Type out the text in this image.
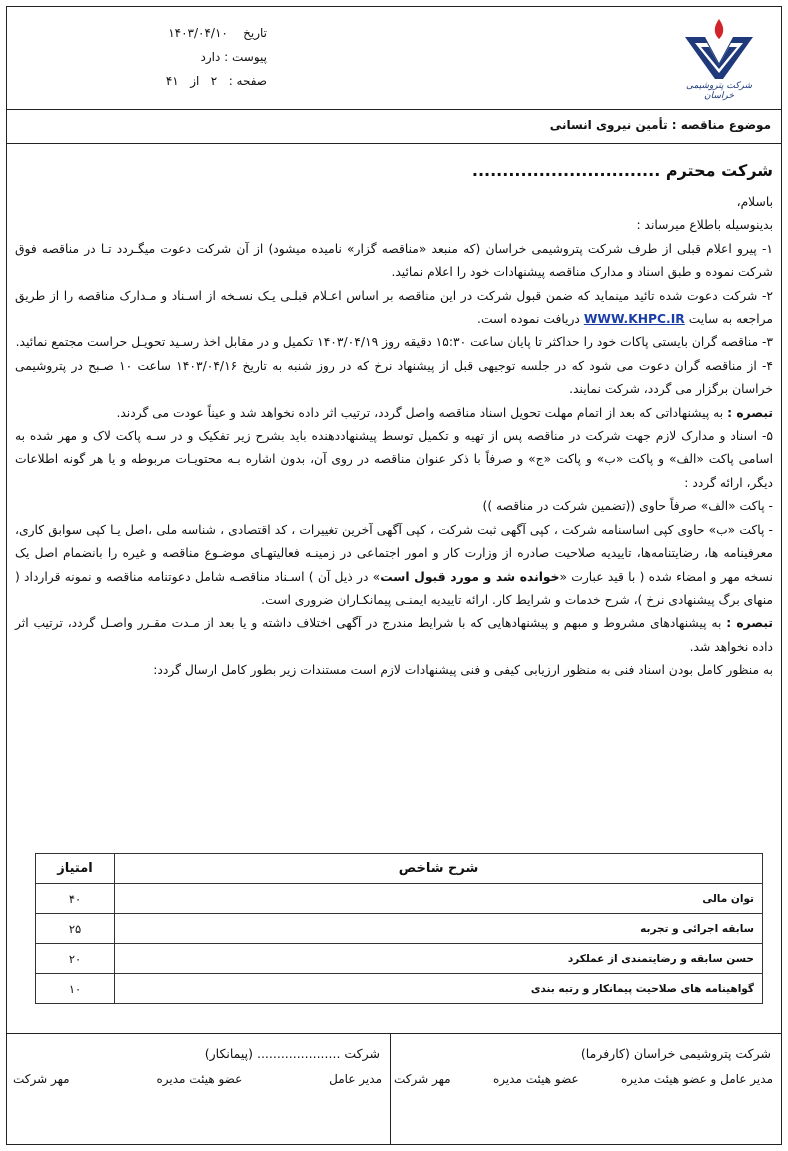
شرکت پتروشیمی خراسان
تاریخ    ۱۴۰۳/۰۴/۱۰
پیوست : دارد
صفحه :   ۲   از   ۴۱
موضوع مناقصه : تأمین نیروی انسانی

شرکت محترم ...............................

باسلام،

بدینوسیله باطلاع میرساند :

۱- پیرو اعلام قبلی از طرف شرکت پتروشیمی خراسان (که منبعد «مناقصه گزار» نامیده میشود) از آن شرکت دعوت میگـردد تـا در مناقصه فوق شرکت نموده و طبق اسناد و مدارک مناقصه پیشنهادات خود را اعلام نمائید.

۲- شرکت دعوت شده تائید مینماید که ضمن قبول شرکت در این مناقصه بر اساس اعـلام قبلـی یـک نسـخه از اسـناد و مـدارک مناقصه را از طریق مراجعه به سایت WWW.KHPC.IR دریافت نموده است.

۳- مناقصه گران بایستی پاکات خود را حداکثر تا پایان ساعت ۱۵:۳۰ دقیقه روز ۱۴۰۳/۰۴/۱۹ تکمیل و در مقابل اخذ رسـید تحویـل حراست مجتمع نمائید.

۴- از مناقصه گران دعوت می شود که در جلسه توجیهی قبل از پیشنهاد نرخ که در روز شنبه به تاریخ ۱۴۰۳/۰۴/۱۶ ساعت ۱۰ صـبح در پتروشیمی خراسان برگزار می گردد، شرکت نمایند.

تبصره : به پیشنهاداتی که بعد از اتمام مهلت تحویل اسناد مناقصه واصل گردد، ترتیب اثر داده نخواهد شد و عیناً عودت می گردند.

۵- اسناد و مدارک لازم جهت شرکت در مناقصه پس از تهیه و تکمیل توسط پیشنهاددهنده باید بشرح زیر تفکیک و در سـه پاکت لاک و مهر شده به اسامی پاکت «الف» و پاکت «ب» و پاکت «ج» و صرفاً با ذکر عنوان مناقصه در روی آن، بدون اشاره بـه محتویـات مربوطه و یا هر گونه اطلاعات دیگر، ارائه گردد :

- پاکت «الف» صرفاً حاوی ((تضمین شرکت در مناقصه ))

- پاکت «ب» حاوی کپی اساسنامه شرکت ، کپی آگهی ثبت شرکت ، کپی آگهی آخرین تغییرات ، کد اقتصادی ، شناسه ملی ،اصل یـا کپی سوابق کاری، معرفینامه ها، رضایتنامه‌ها، تاییدیه صلاحیت صادره از وزارت کار و امور اجتماعی در زمینـه فعالیتهـای موضـوع مناقصه و غیره را بانضمام اصل یک نسخه مهر و امضاء شده ( با قید عبارت «خوانده شد و مورد قبول است» در ذیل آن ) اسـناد مناقصـه شامل دعوتنامه مناقصه و نمونه قرارداد ( منهای برگ پیشنهادی نرخ )، شرح خدمات و شرایط کار. ارائه تاییدیه ایمنـی پیمانکـاران ضروری است.

تبصره : به پیشنهادهای مشروط و مبهم و پیشنهادهایی که با شرایط مندرج در آگهی اختلاف داشته و یا بعد از مـدت مقـرر واصـل گردد، ترتیب اثر داده نخواهد شد.

به منظور کامل بودن اسناد فنی به منظور ارزیابی کیفی و فنی پیشنهادات لازم است مستندات زیر بطور کامل ارسال گردد:

شرح شاخص	امتیاز
توان مالی	۴۰
سابقه اجرائی و تجربه	۲۵
حسن سابقه و رضایتمندی از عملکرد	۲۰
گواهینامه های صلاحیت پیمانکار و رتبه بندی	۱۰
شرکت پتروشیمی خراسان (کارفرما)
مدیر عامل و عضو هیئت مدیره
عضو هیئت مدیره
مهر شرکت
شرکت ..................... (پیمانکار)
مدیر عامل
عضو هیئت مدیره
مهر شرکت
